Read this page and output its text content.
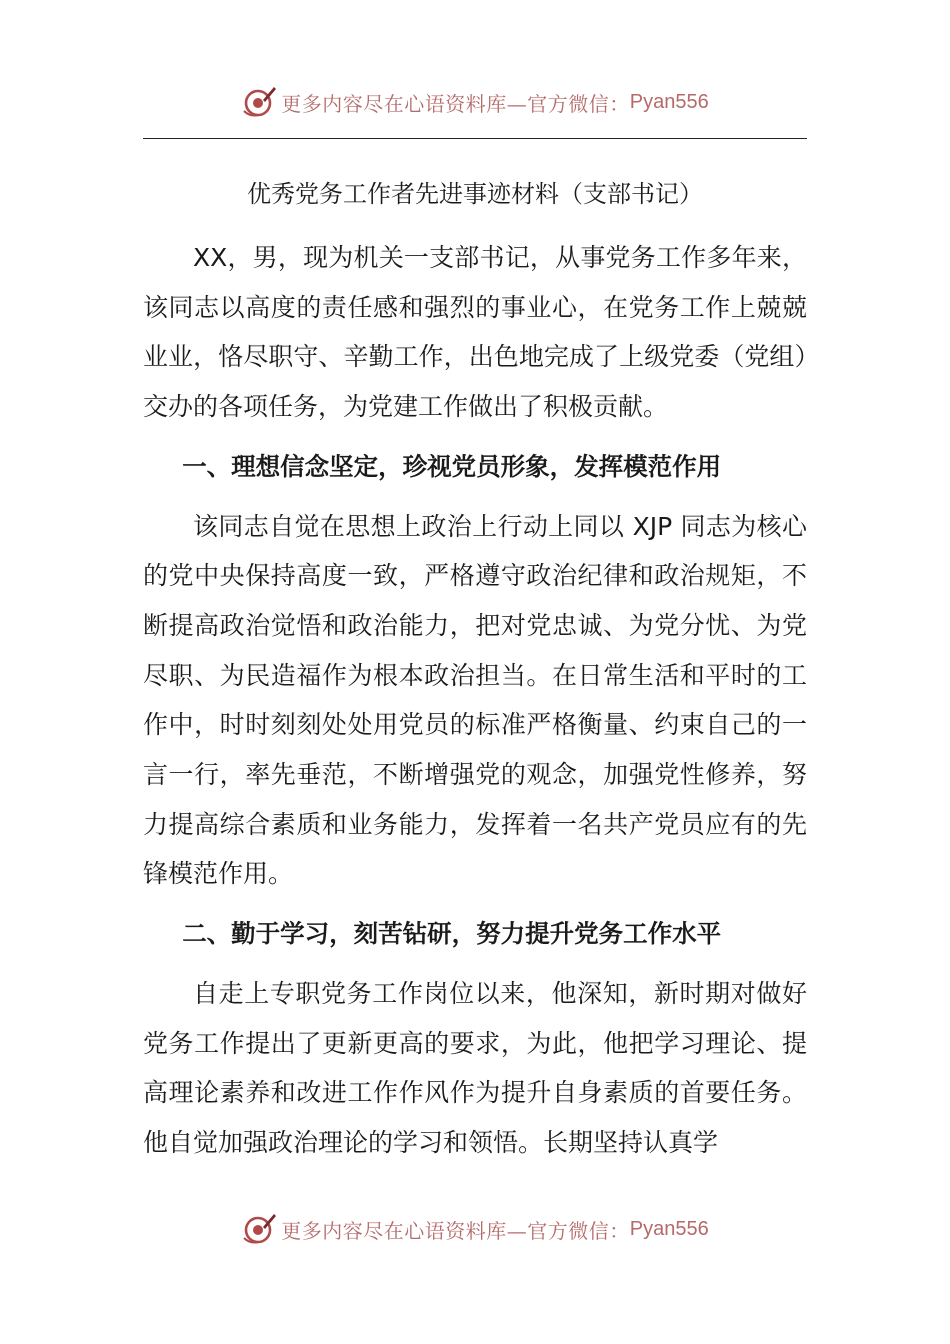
更多内容尽在心语资料库—官方微信： Pyan556
优秀党务工作者先进事迹材料（支部书记）

XX，男，现为机关一支部书记，从事党务工作多年来，该同志以高度的责任感和强烈的事业心，在党务工作上兢兢业业，恪尽职守、辛勤工作，出色地完成了上级党委（党组）交办的各项任务，为党建工作做出了积极贡献。

一、理想信念坚定，珍视党员形象，发挥模范作用

该同志自觉在思想上政治上行动上同以 XJP 同志为核心的党中央保持高度一致，严格遵守政治纪律和政治规矩，不断提高政治觉悟和政治能力，把对党忠诚、为党分忧、为党尽职、为民造福作为根本政治担当。在日常生活和平时的工作中，时时刻刻处处用党员的标准严格衡量、约束自己的一言一行，率先垂范，不断增强党的观念，加强党性修养，努力提高综合素质和业务能力，发挥着一名共产党员应有的先锋模范作用。

二、勤于学习，刻苦钻研，努力提升党务工作水平

自走上专职党务工作岗位以来，他深知，新时期对做好党务工作提出了更新更高的要求，为此，他把学习理论、提高理论素养和改进工作作风作为提升自身素质的首要任务。他自觉加强政治理论的学习和领悟。长期坚持认真学

更多内容尽在心语资料库—官方微信： Pyan556
